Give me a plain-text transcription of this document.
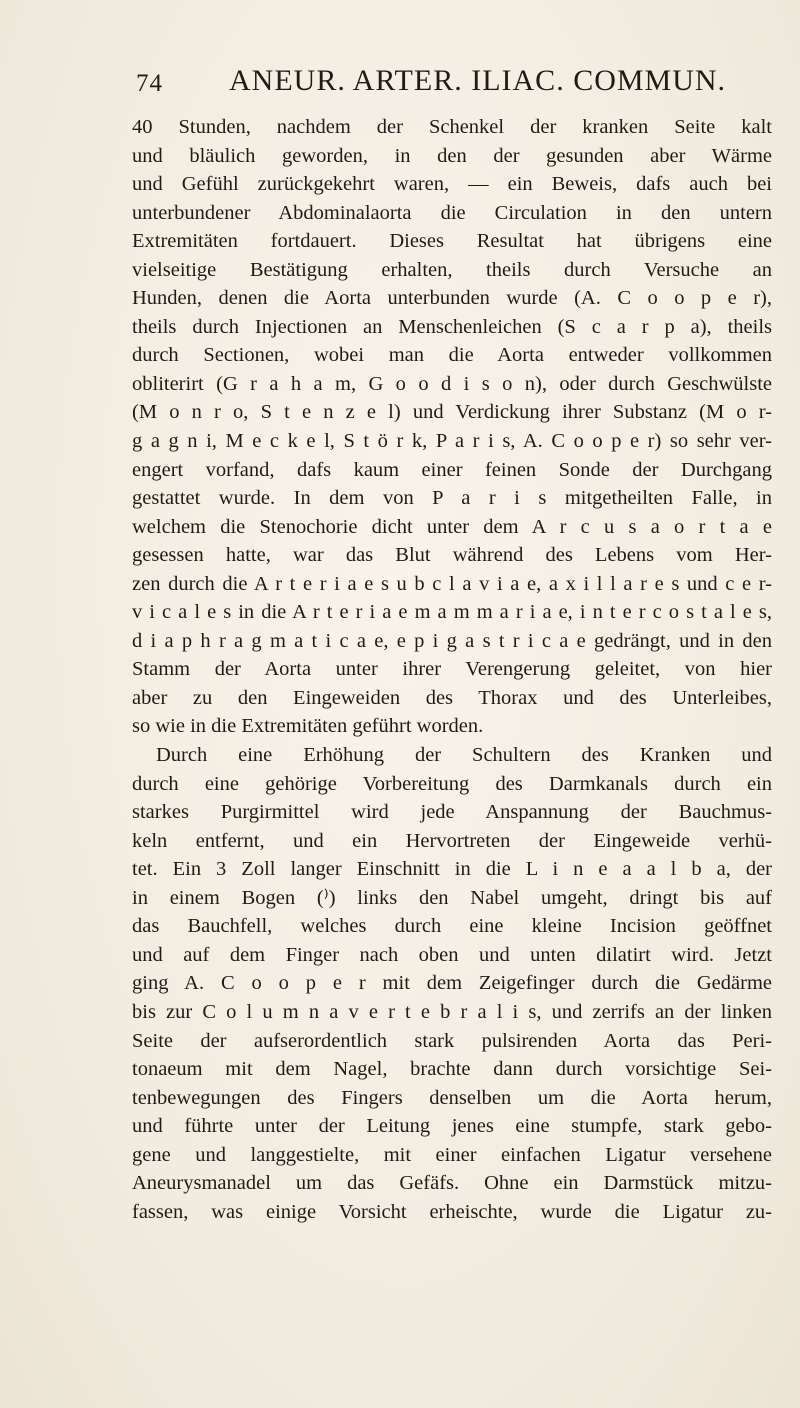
74 ANEUR. ARTER. ILIAC. COMMUN.
40 Stunden, nachdem der Schenkel der kranken Seite kalt
und bläulich geworden, in den der gesunden aber Wärme
und Gefühl zurückgekehrt waren, — ein Beweis, dafs auch bei
unterbundener Abdominalaorta die Circulation in den untern
Extremitäten fortdauert. Dieses Resultat hat übrigens eine
vielseitige Bestätigung erhalten, theils durch Versuche an
Hunden, denen die Aorta unterbunden wurde (A. C o o p e r),
theils durch Injectionen an Menschenleichen (S c a r p a), theils
durch Sectionen, wobei man die Aorta entweder vollkommen
obliterirt (G r a h a m, G o o d i s o n), oder durch Geschwülste
(M o n r o, S t e n z e l) und Verdickung ihrer Substanz (M o r-
g a g n i, M e c k e l, S t ö r k, P a r i s, A. C o o p e r) so sehr ver-
engert vorfand, dafs kaum einer feinen Sonde der Durchgang
gestattet wurde. In dem von P a r i s mitgetheilten Falle, in
welchem die Stenochorie dicht unter dem A r c u s a o r t a e
gesessen hatte, war das Blut während des Lebens vom Her-
zen durch die A r t e r i a e s u b c l a v i a e, a x i l l a r e s und c e r-
v i c a l e s in die A r t e r i a e m a m m a r i a e, i n t e r c o s t a l e s,
d i a p h r a g m a t i c a e, e p i g a s t r i c a e gedrängt, und in den
Stamm der Aorta unter ihrer Verengerung geleitet, von hier
aber zu den Eingeweiden des Thorax und des Unterleibes,
so wie in die Extremitäten geführt worden.
Durch eine Erhöhung der Schultern des Kranken und
durch eine gehörige Vorbereitung des Darmkanals durch ein
starkes Purgirmittel wird jede Anspannung der Bauchmus-
keln entfernt, und ein Hervortreten der Eingeweide verhü-
tet. Ein 3 Zoll langer Einschnitt in die L i n e a a l b a, der
in einem Bogen (⁾) links den Nabel umgeht, dringt bis auf
das Bauchfell, welches durch eine kleine Incision geöffnet
und auf dem Finger nach oben und unten dilatirt wird. Jetzt
ging A. C o o p e r mit dem Zeigefinger durch die Gedärme
bis zur C o l u m n a v e r t e b r a l i s, und zerrifs an der linken
Seite der aufserordentlich stark pulsirenden Aorta das Peri-
tonaeum mit dem Nagel, brachte dann durch vorsichtige Sei-
tenbewegungen des Fingers denselben um die Aorta herum,
und führte unter der Leitung jenes eine stumpfe, stark gebo-
gene und langgestielte, mit einer einfachen Ligatur versehene
Aneurysmanadel um das Gefäfs. Ohne ein Darmstück mitzu-
fassen, was einige Vorsicht erheischte, wurde die Ligatur zu-
